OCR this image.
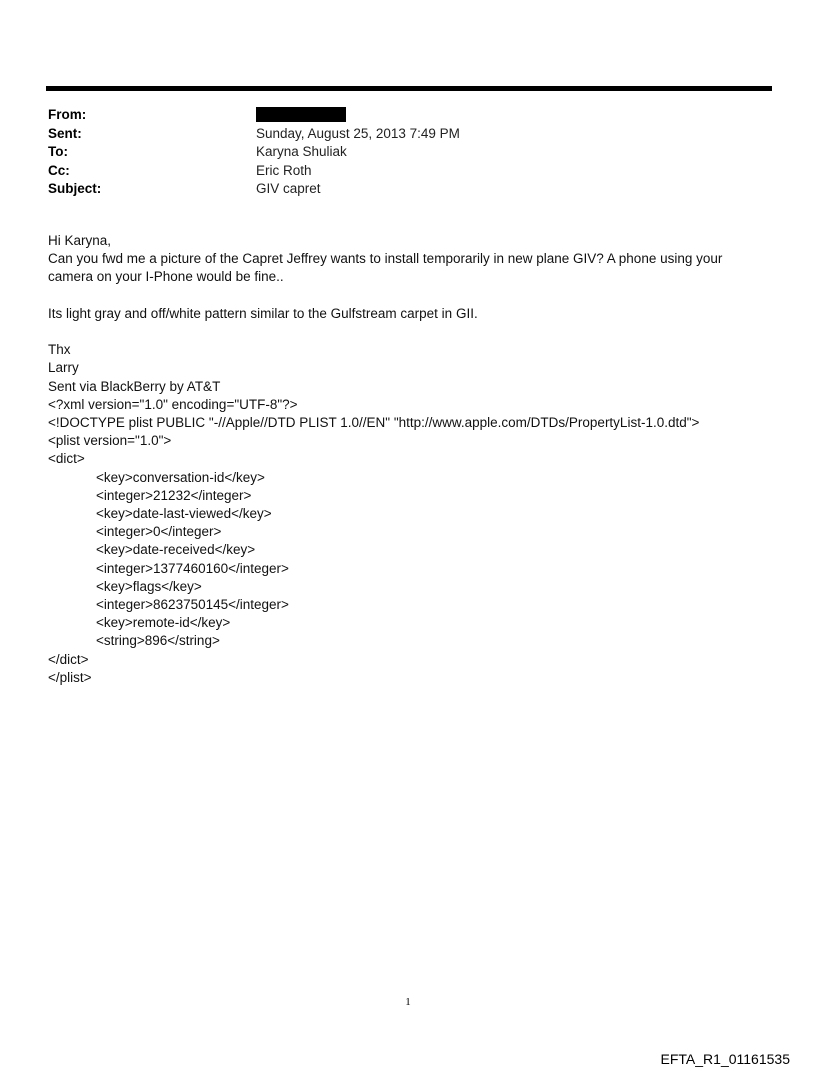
From:
Sent:	Sunday, August 25, 2013 7:49 PM
To:	Karyna Shuliak
Cc:	Eric Roth
Subject:	GIV capret

Hi Karyna,

Can you fwd me a picture of the Capret Jeffrey wants to install temporarily in new plane GIV? A phone using your

camera on your I-Phone would be fine..

Its light gray and off/white pattern similar to the Gulfstream carpet in GII.

Thx

Larry

Sent via BlackBerry by AT&T

<?xml version="1.0" encoding="UTF-8"?>

<!DOCTYPE plist PUBLIC "-//Apple//DTD PLIST 1.0//EN" "http://www.apple.com/DTDs/PropertyList-1.0.dtd">

<plist version="1.0">

<dict>

<key>conversation-id</key>

<integer>21232</integer>

<key>date-last-viewed</key>

<integer>0</integer>

<key>date-received</key>

<integer>1377460160</integer>

<key>flags</key>

<integer>8623750145</integer>

<key>remote-id</key>

<string>896</string>

</dict>

</plist>

1
EFTA_R1_01161535
